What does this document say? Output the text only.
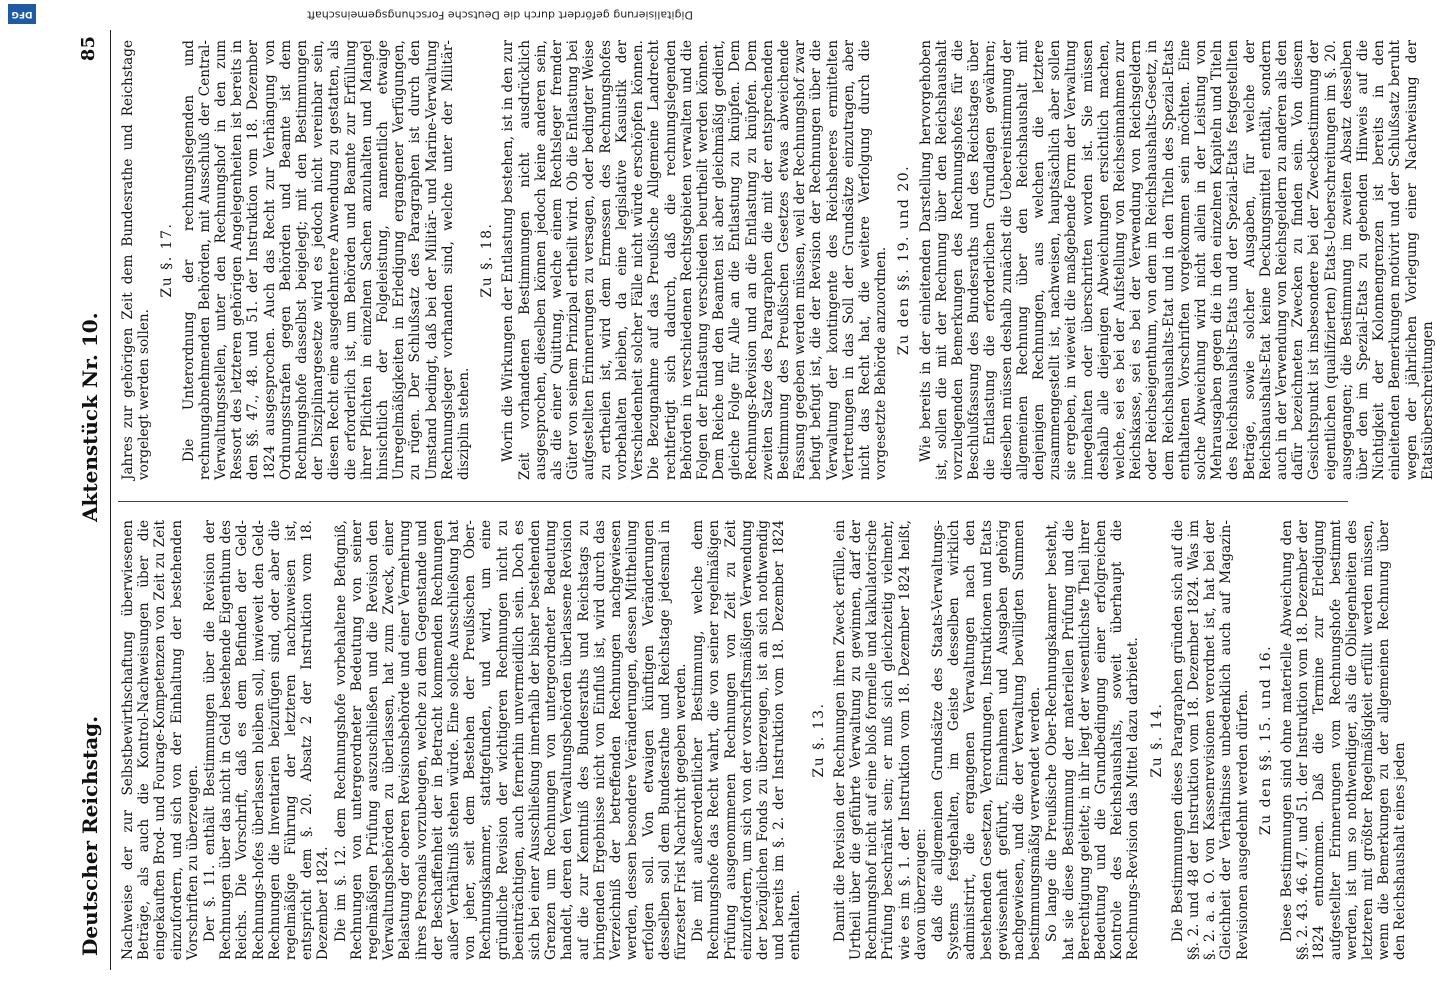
Deutscher Reichstag.
Aktenstück Nr. 10.
85

Nachweise der zur Selbstbewirthschaftung überwiesenen Beträge, als auch die Kontrol-Nachweisungen über die eingekauften Brod- und Fourage-Kompetenzen von Zeit zu Zeit einzufordern, und sich von der Einhaltung der bestehenden Vorschriften zu überzeugen. Der §. 11. enthält Bestimmungen über die Revision der Rechnungen über das nicht in Geld bestehende Eigenthum des Reichs. Die Vorschrift, daß es dem Befinden der Geld-Rechnungs-hofes überlassen bleiben soll, inwieweit den Geld-Rechnungen die Inventarien beizufügen sind, oder aber die regelmäßige Führung der letzteren nachzuweisen ist, entspricht dem §. 20. Absatz 2 der Instruktion vom 18. Dezember 1824. Die im §. 12. dem Rechnungshofe vorbehaltene Befugniß, Rechnungen von untergeordneter Bedeutung von seiner regelmäßigen Prüfung auszuschließen und die Revision den Verwaltungsbehörden zu überlassen, hat zum Zweck, einer Belastung der oberen Revisionsbehörde und einer Vermehrung ihres Personals vorzubeugen, welche zu dem Gegenstande und der Beschaffenheit der in Betracht kommenden Rechnungen außer Verhältniß stehen würde. Eine solche Ausschließung hat von jeher, seit dem Bestehen der Preußischen Ober-Rechnungskammer, stattgefunden, und wird, um eine gründliche Revision der wichtigeren Rechnungen nicht zu beeinträchtigen, auch fernerhin unvermeidlich sein. Doch es sich bei einer Ausschließung innerhalb der bisher bestehenden Grenzen um Rechnungen von untergeordneter Bedeutung handelt, deren den Verwaltungsbehörden überlassene Revision auf die zur Kenntniß des Bundesraths und Reichstags zu bringenden Ergebnisse nicht von Einfluß ist, wird durch das Verzeichniß der betreffenden Rechnungen nachgewiesen werden, dessen besondere Veränderungen, dessen Mittheilung erfolgen soll. Von etwaigen künftigen Veränderungen desselben soll dem Bundesrathe und Reichstage jedesmal in fürzester Frist Nachricht gegeben werden. Die mit außerordentlicher Bestimmung, welche dem Rechnungshofe das Recht wahrt, die von seiner regelmäßigen Prüfung ausgenommenen Rechnungen von Zeit zu Zeit einzufordern, um sich von der vorschriftsmäßigen Verwendung der bezüglichen Fonds zu überzeugen, ist an sich nothwendig und bereits im §. 2. der Instruktion vom 18. Dezember 1824 enthalten.

Zu §. 13. Damit die Revision der Rechnungen ihren Zweck erfülle, ein Urtheil über die geführte Verwaltung zu gewinnen, darf der Rechnungshof nicht auf eine bloß formelle und kalkulatorische Prüfung beschränkt sein; er muß sich gleichzeitig vielmehr, wie es im §. 1. der Instruktion vom 18. Dezember 1824 heißt, davon überzeugen: daß die allgemeinen Grundsätze des Staats-Verwaltungs-Systems festgehalten, im Geiste desselben wirklich administrirt, die ergangenen Verwaltungen nach den bestehenden Gesetzen, Verordnungen, Instruktionen und Etats gewissenhaft geführt, Einnahmen und Ausgaben gehörig nachgewiesen, und die der Verwaltung bewilligten Summen bestimmungsmäßig verwendet werden. So lange die Preußische Ober-Rechnungskammer besteht, hat sie diese Bestimmung der materiellen Prüfung und die Berechtigung geleitet; in ihr liegt der wesentlichste Theil ihrer Bedeutung und die Grundbedingung einer erfolgreichen Kontrole des Reichshaushalts, soweit überhaupt die Rechnungs-Revision das Mittel dazu darbietet. Zu §. 14. Die Bestimmungen dieses Paragraphen gründen sich auf die §§. 2. und 48 der Instruktion vom 18. Dezember 1824. Was im §. 2. a. a. O. von Kassenrevisionen verordnet ist, hat bei der Gleichheit der Verhältnisse unbedenklich auch auf Magazin-Revisionen ausgedehnt werden dürfen. Zu den §§. 15. und 16. Diese Bestimmungen sind ohne materielle Abweichung den §§. 2. 43. 46. 47. und 51. der Instruktion vom 18. Dezember der 1824 entnommen. Daß die Termine zur Erledigung aufgestellter Erinnerungen vom Rechnungshofe bestimmt werden, ist um so nothwendiger, als die Obliegenheiten des letzteren mit größter Regelmäßigkeit erfüllt werden müssen, wenn die Bemerkungen zu der allgemeinen Rechnung über den Reichshaushalt eines jeden

Jahres zur gehörigen Zeit dem Bundesrathe und Reichstage vorgelegt werden sollen.

Zu §. 17. Die Unterordnung der rechnungslegenden und rechnungabnehmenden Behörden, mit Ausschluß der Central-Verwaltungsstellen, unter den Rechnungshof in den zum Ressort des letzteren gehörigen Angelegenheiten ist bereits in den §§. 47., 48. und 51. der Instruktion vom 18. Dezember 1824 ausgesprochen. Auch das Recht zur Verhängung von Ordnungsstrafen gegen Behörden und Beamte ist dem Rechnungshofe dasselbst beigelegt; mit den Bestimmungen der Disziplinargesetze wird es jedoch nicht vereinbar sein, diesen Recht eine ausgedehntere Anwendung zu gestatten, als die erforderlich ist, um Behörden und Beamte zur Erfüllung ihrer Pflichten in einzelnen Sachen anzuhalten und Mangel hinsichtlich der Folgeleistung, namentlich etwaige Unregelmäßigkeiten in Erledigung ergangener Verfügungen, zu rügen. Der Schlußsatz des Paragraphen ist durch den Umstand bedingt, daß bei der Militär- und Marine-Verwaltung Rechnungsleger vorhanden sind, welche unter der Militär-disziplin stehen.

Zu §. 18. Worin die Wirkungen der Entlastung bestehen, ist in den zur Zeit vorhandenen Bestimmungen nicht ausdrücklich ausgesprochen, dieselben können jedoch keine anderen sein, als die einer Quittung, welche einem Rechtsleger fremder Güter von seinem Prinzipal ertheilt wird. Ob die Entlastung bei aufgestellten Erinnerungen zu versagen, oder bedingter Weise zu ertheilen ist, wird dem Ermessen des Rechnungshofes vorbehalten bleiben, da eine legislative Kasuistik der Verschiedenheit solcher Fälle nicht würde erschöpfen können. Die Bezugnahme auf das Preußische Allgemeine Landrecht rechtfertigt sich dadurch, daß die rechnungslegenden Behörden in verschiedenen Rechtsgebieten verwalten und die Folgen der Entlastung verschieden beurtheilt werden können. Dem Reiche und den Beamten ist aber gleichmäßig gedient, gleiche Folge für Alle an die Entlastung zu knüpfen. Dem Rechnungs-Revision und an die Entlastung zu knüpfen. Dem zweiten Satze des Paragraphen die mit der entsprechenden Bestimmung des Preußischen Gesetzes etwas abweichende Fassung gegeben werden müssen, weil der Rechnungshof zwar befugt befugt ist, die der Revision der Rechnungen über die Verwaltung der kontingente des Reichsheeres ermittelten Vertretungen in das Soll der Grundsätze einzutragen, aber nicht das Recht hat, die weitere Verfolgung durch die vorgesetzte Behörde anzuordnen. Zu den §§. 19. und 20. Wie bereits in der einleitenden Darstellung hervorgehoben ist, sollen die mit der Rechnung über den Reichshaushalt vorzulegenden Bemerkungen des Rechnungshofes für die Beschlußfassung des Bundesraths und des Reichstages über die Entlastung die erforderlichen Grundlagen gewähren; dieselben müssen deshalb zunächst die Uebereinstimmung der allgemeinen Rechnung über den Reichshaushalt mit denjenigen Rechnungen, aus welchen die letztere zusammengestellt ist, nachweisen, hauptsächlich aber sollen sie ergeben, in wieweit die maßgebende Form der Verwaltung innegehalten oder überschritten worden ist. Sie müssen deshalb alle diejenigen Abweichungen ersichtlich machen, welche, sei es bei der Aufstellung von Reichseinnahmen zur Reichskasse, sei es bei der Verwendung von Reichsgeldern oder Reichseigenthum, von dem im Reichshaushalts-Gesetz, in dem Reichshaushalts-Etat und in den Titeln des Spezial-Etats enthaltenen Vorschriften vorgekommen sein möchten. Eine solche Abweichung wird nicht allein in der Leistung von Mehrausgaben gegen die in den einzelnen Kapiteln und Titeln des Reichshaushalts-Etats und der Spezial-Etats festgestellten Beträge, sowie solcher Ausgaben, für welche der Reichshaushalts-Etat keine Deckungsmittel enthält, sondern auch in der Verwendung von Reichsgeldern zu anderen als den dafür bezeichneten Zwecken zu finden sein. Von diesem Gesichtspunkt ist insbesondere bei der Zweckbestimmung der eigentlichen (qualifizierten) Etats-Ueberschreitungen im §. 20. ausgegangen; die Bestimmung im zweiten Absatz desselben über den im Spezial-Etats zu gebenden Hinweis auf die Nichtigkeit der Kolonnengrenzen ist bereits in den einleitenden Bemerkungen motivirt und der Schlußsatz beruht wegen der jährlichen Vorlegung einer Nachweisung der Etatsüberschreitungen

Digitalisierung gefördert durch die Deutsche Forschungsgemeinschaft
DFG
